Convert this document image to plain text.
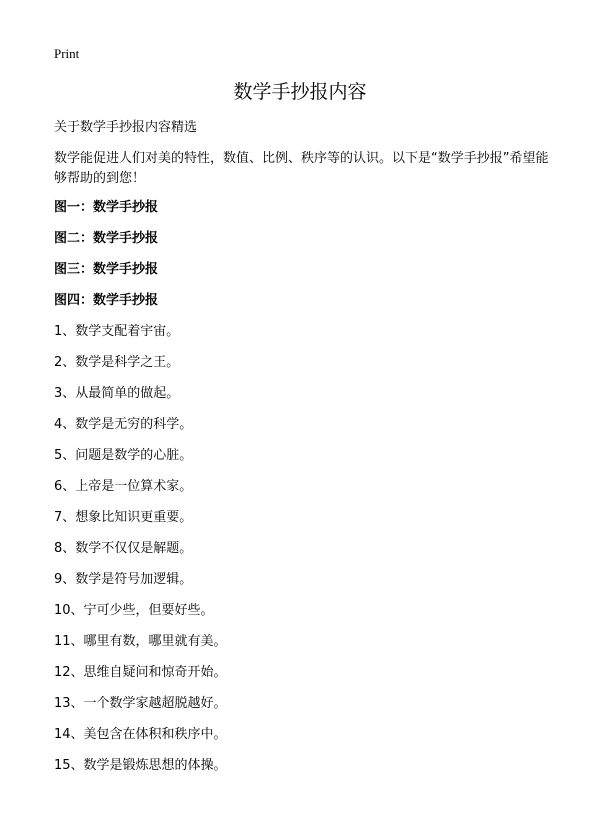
Print
数学手抄报内容
关于数学手抄报内容精选
数学能促进人们对美的特性，数值、比例、秩序等的认识。以下是“数学手抄报”希望能够帮助的到您！
图一：数学手抄报
图二：数学手抄报
图三：数学手抄报
图四：数学手抄报
1、数学支配着宇宙。
2、数学是科学之王。
3、从最简单的做起。
4、数学是无穷的科学。
5、问题是数学的心脏。
6、上帝是一位算术家。
7、想象比知识更重要。
8、数学不仅仅是解题。
9、数学是符号加逻辑。
10、宁可少些，但要好些。
11、哪里有数，哪里就有美。
12、思维自疑问和惊奇开始。
13、一个数学家越超脱越好。
14、美包含在体积和秩序中。
15、数学是锻炼思想的体操。
